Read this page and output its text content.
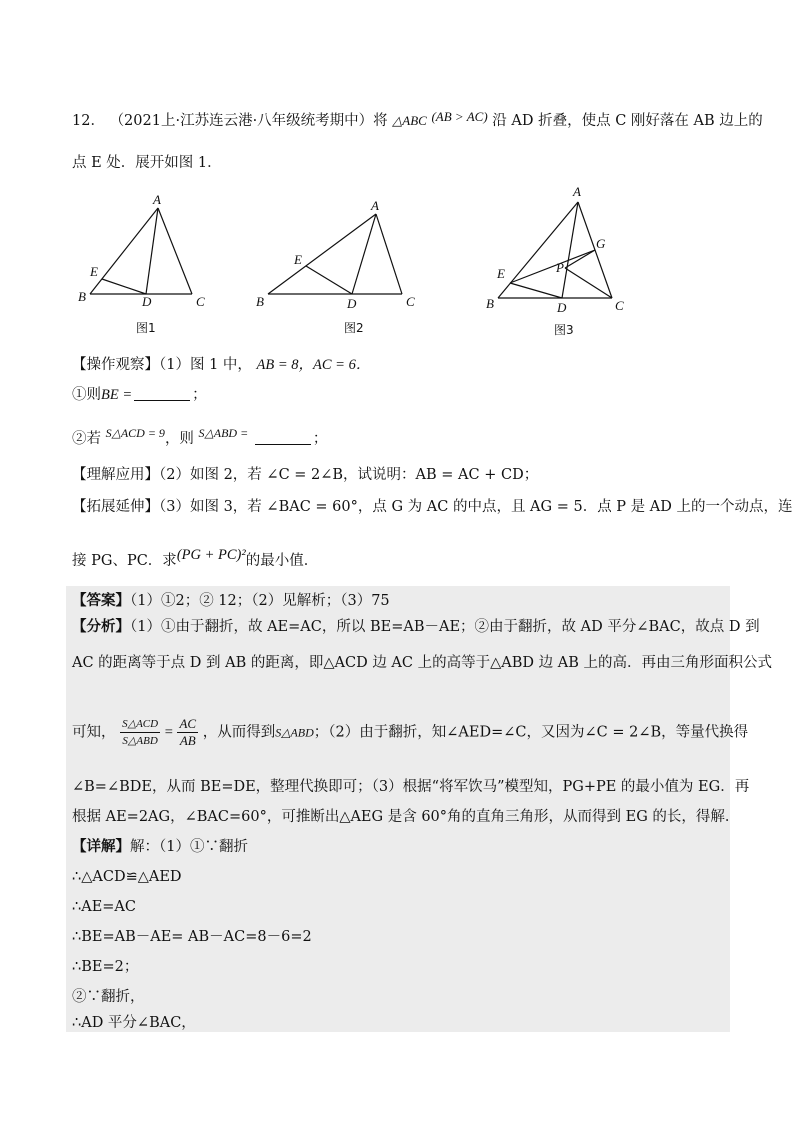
12． （2021上·江苏连云港·八年级统考期中）将 △ABC (AB > AC) 沿 AD 折叠，使点 C 刚好落在 AB 边上的
点 E 处．展开如图 1．
A
B	C
D
E
图1
A
B	C
D
E
图2
A
B	C
D
E
G
P
图3
【操作观察】（1）图 1 中， AB = 8，AC = 6．
①则BE =	；
②若 $^{S\triangle ACD = 9}$，则 $^{S\triangle ABD =}$	；
【理解应用】（2）如图 2，若 ∠C = 2∠B，试说明：AB = AC + CD；
【拓展延伸】（3）如图 3，若 ∠BAC = 60°，点 G 为 AC 的中点，且 AG = 5．点 P 是 AD 上的一个动点，连
接 PG、PC．求(PG + PC)²的最小值．
【答案】（1）①2；② 12；（2）见解析；（3）75
【分析】（1）①由于翻折，故 AE=AC，所以 BE=AB－AE；②由于翻折，故 AD 平分∠BAC，故点 D 到
AC 的距离等于点 D 到 AB 的距离，即△ACD 边 AC 上的高等于△ABD 边 AB 上的高．再由三角形面积公式
可知， $\frac{\text{S△ACD}}{\text{S△ABD}} = \frac{AC}{AB}$ ，从而得到S△ABD；（2）由于翻折，知∠AED=∠C，又因为∠C = 2∠B，等量代换得
∠B=∠BDE，从而 BE=DE，整理代换即可；（3）根据“将军饮马”模型知，PG+PE 的最小值为 EG．再
根据 AE=2AG，∠BAC=60°，可推断出△AEG 是含 60°角的直角三角形，从而得到 EG 的长，得解．
【详解】解：（1）①∵翻折
∴△ACD≌△AED
∴AE=AC
∴BE=AB－AE= AB－AC=8－6=2
∴BE=2；
②∵翻折，
∴AD 平分∠BAC，
